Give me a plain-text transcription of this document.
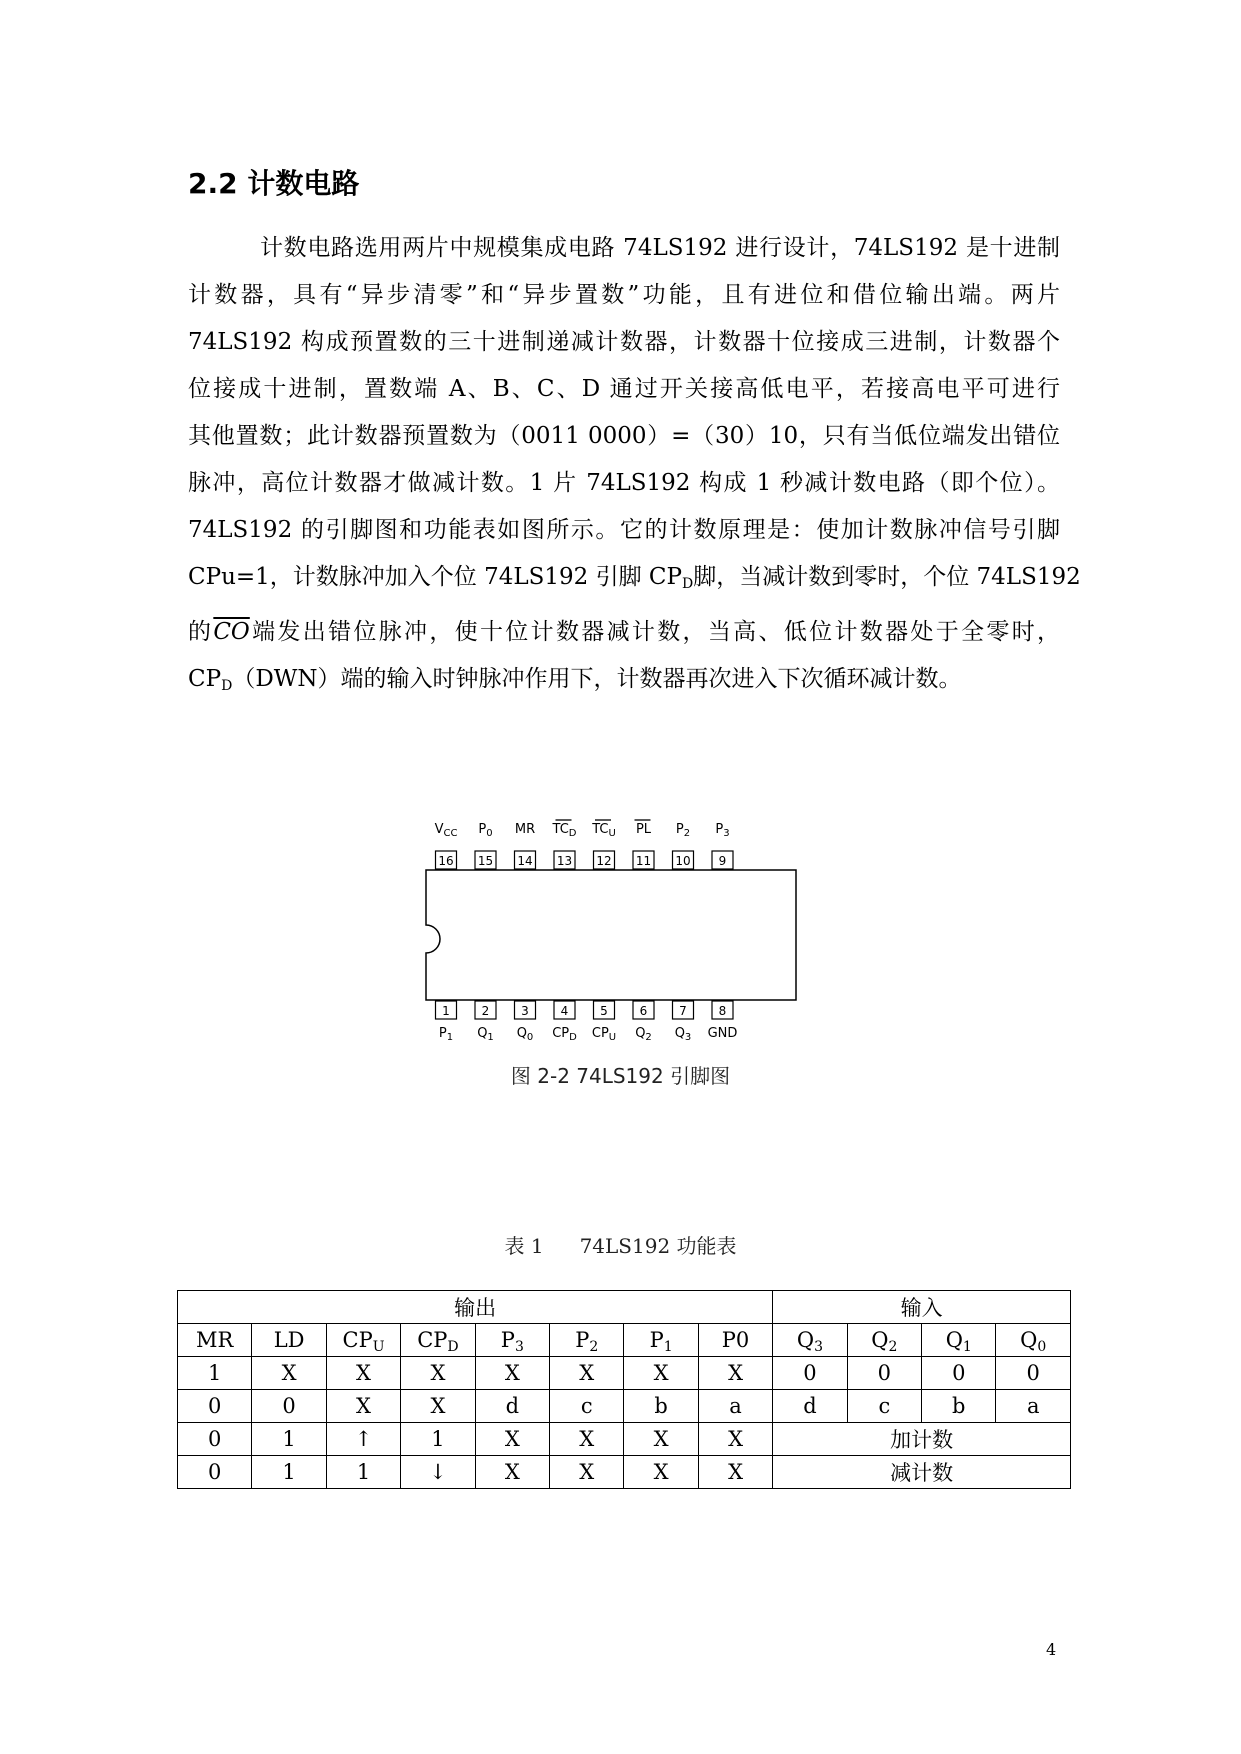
2.2 计数电路
计数电路选用两片中规模集成电路 74LS192 进行设计，74LS192 是十进制
计数器，具有“异步清零”和“异步置数”功能，且有进位和借位输出端。两片
74LS192 构成预置数的三十进制递减计数器，计数器十位接成三进制，计数器个
位接成十进制，置数端 A、B、C、D 通过开关接高低电平，若接高电平可进行
其他置数；此计数器预置数为（0011 0000）=（30）10，只有当低位端发出错位
脉冲，高位计数器才做减计数。1 片 74LS192 构成 1 秒减计数电路（即个位）。
74LS192 的引脚图和功能表如图所示。它的计数原理是：使加计数脉冲信号引脚
CPu=1，计数脉冲加入个位 74LS192 引脚 $CP_D$脚，当减计数到零时，个位 74LS192
的$\overline{CO}$端发出错位脉冲，使十位计数器减计数，当高、低位计数器处于全零时，
$CP_D(DWN)$端的输入时钟脉冲作用下，计数器再次进入下次循环减计数。
$V_{CC}$
16
$P_0$
15
MR
14
$TC_D$
13
$TC_U$
12
PL
11
$P_2$
10
$P_3$
9
1
$P_1$
2
$Q_1$
3
$Q_0$
4
$CP_D$
5
$CP_U$
6
$Q_2$
7
$Q_3$
8
GND
图 2-2 74LS192 引脚图
表 1 74LS192 功能表
输出								输入			
MR	LD	$CP_U$	$CP_D$	$P_3$	$P_2$	$P_1$	P0	$Q_3$	$Q_2$	$Q_1$	$Q_0$
1	X	X	X	X	X	X	X	0	0	0	0
0	0	X	X	d	c	b	a	d	c	b	a
0	1	↑	1	X	X	X	X	加计数			
0	1	1	↓	X	X	X	X	减计数			
4
